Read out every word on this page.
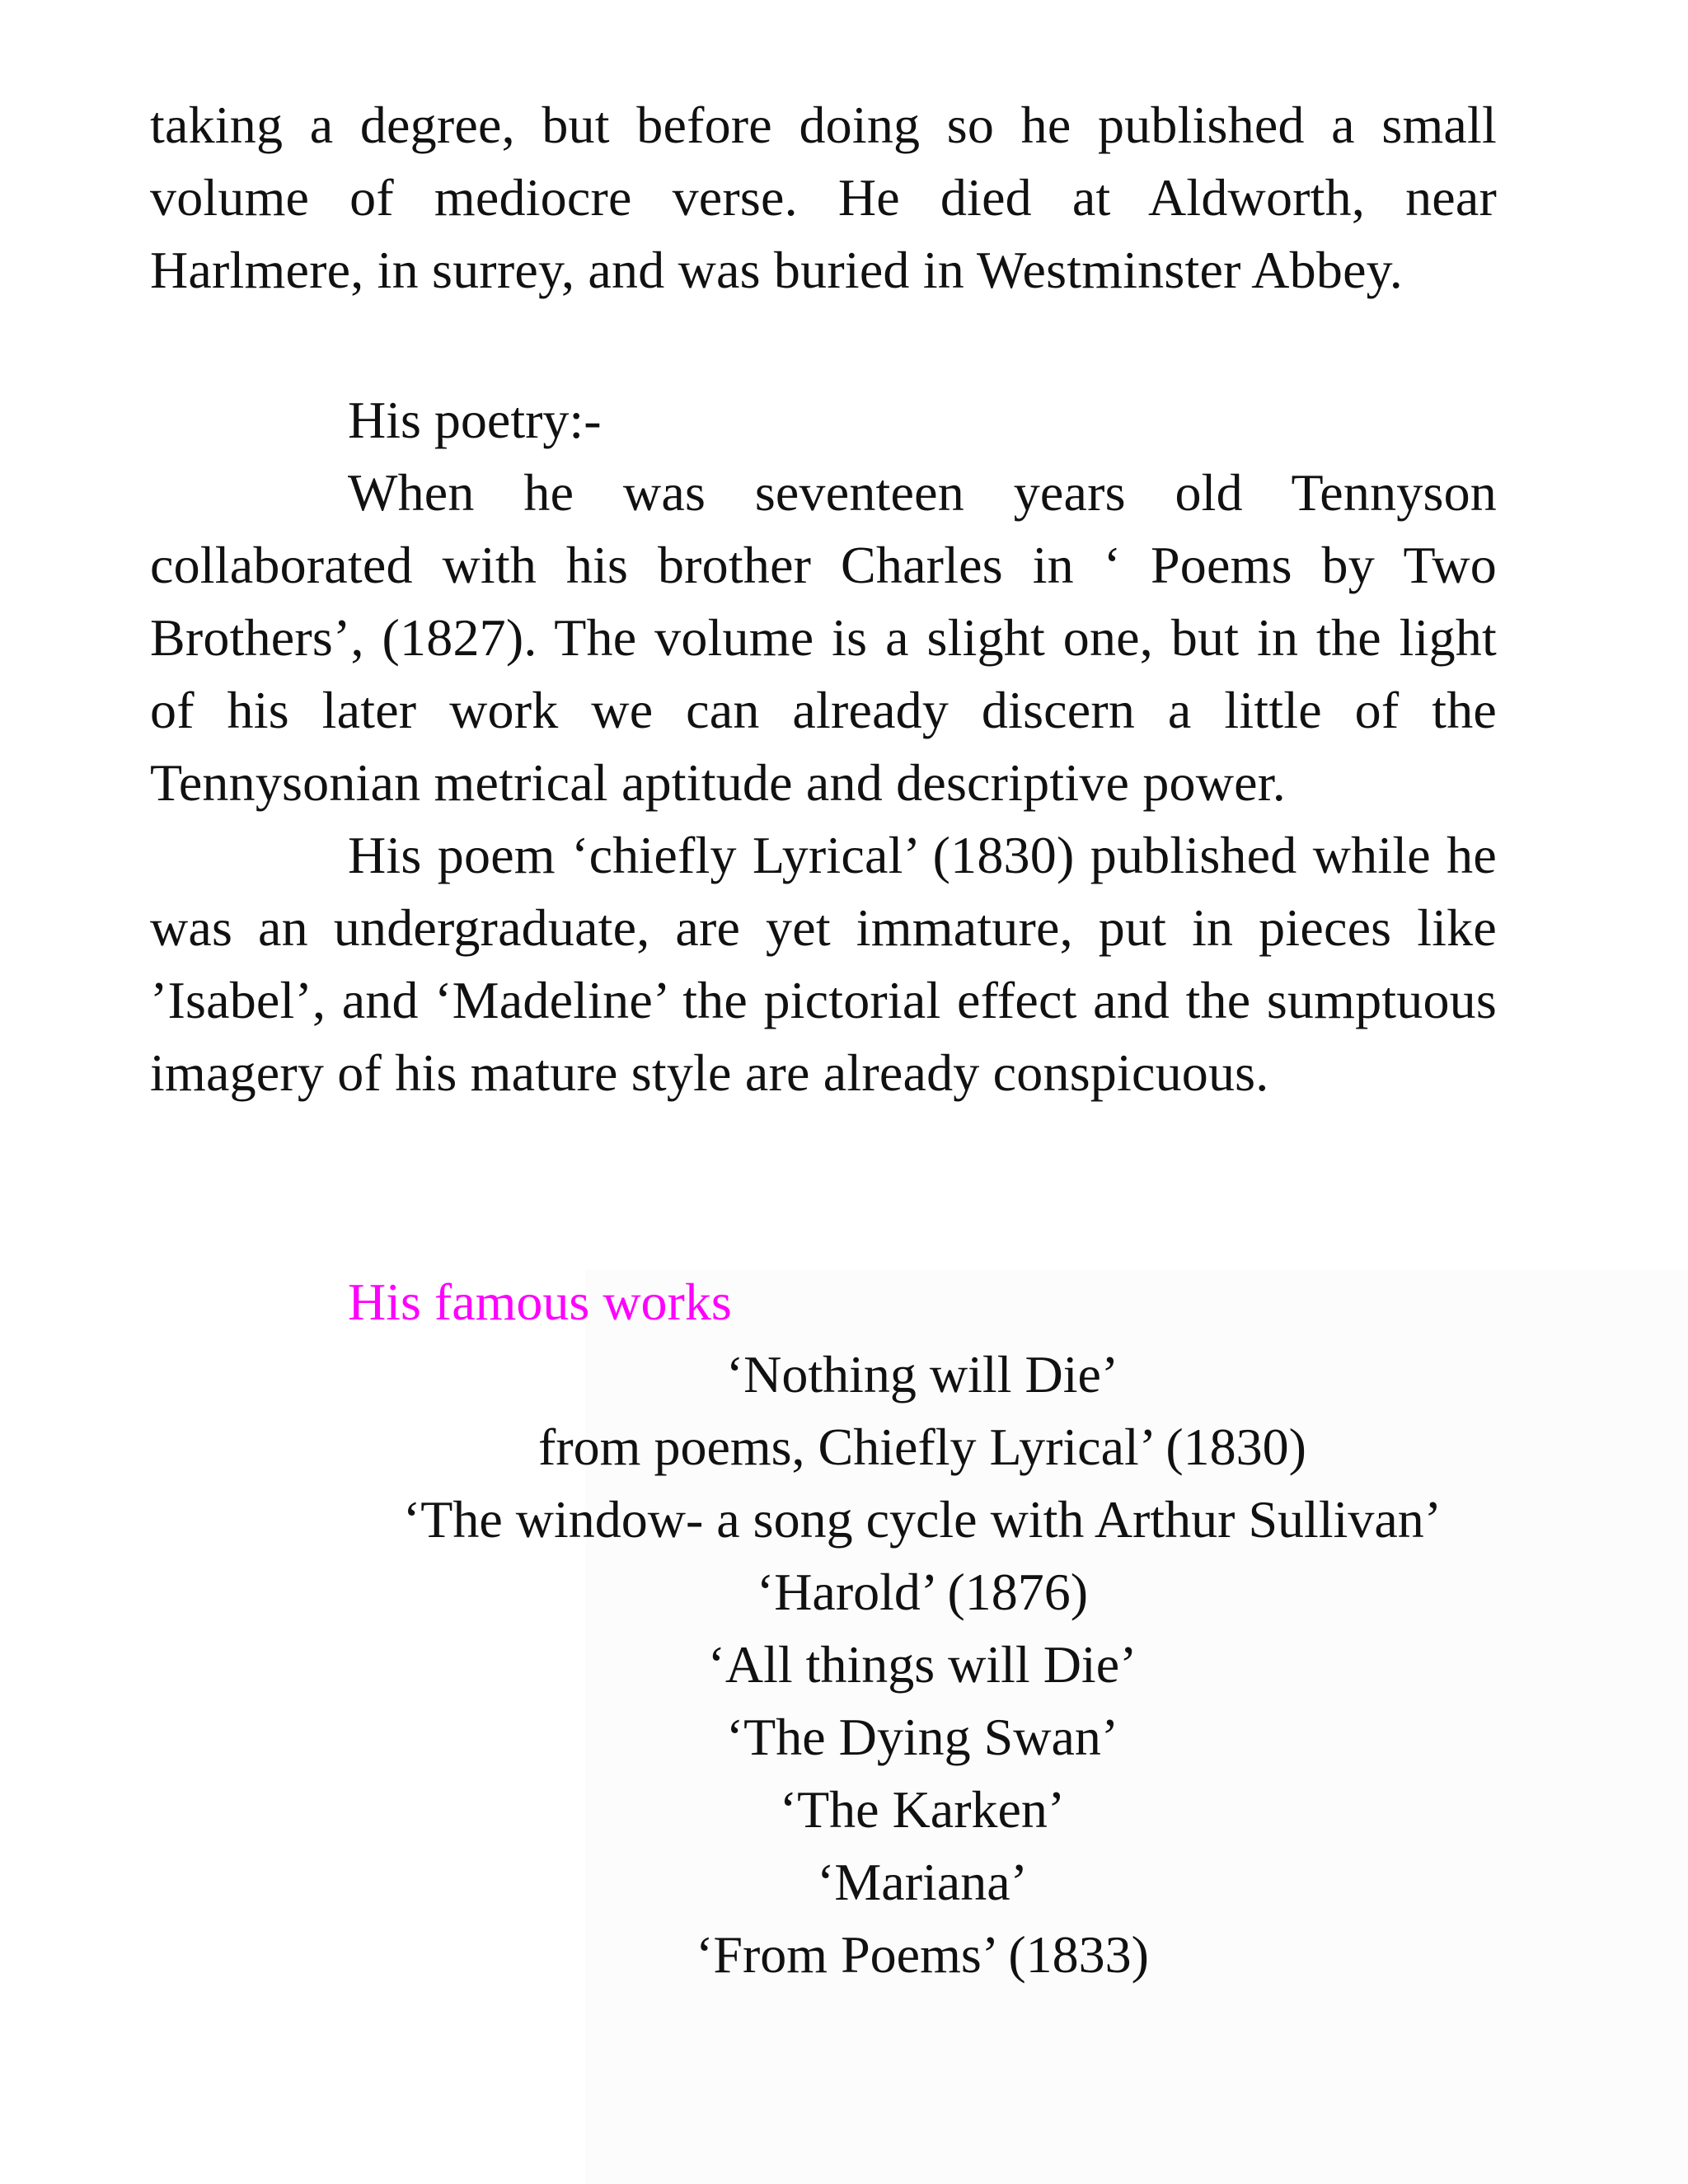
taking a degree, but before doing so he published a small volume of mediocre verse. He died at Aldworth, near Harlmere, in surrey, and was buried in Westminster Abbey.
His poetry:-
When he was seventeen years old Tennyson collaborated with his brother Charles in ‘ Poems by Two Brothers’, (1827). The volume is a slight one, but in the light of his later work we can already discern a little of the Tennysonian metrical aptitude and descriptive power.
His poem ‘chiefly Lyrical’ (1830) published while he was an undergraduate, are yet immature, put in pieces like ’Isabel’, and ‘Madeline’ the pictorial effect and the sumptuous imagery of his mature style are already conspicuous.
His famous works
‘Nothing will Die’
from poems, Chiefly Lyrical’ (1830)
‘The window- a song cycle with Arthur Sullivan’
‘Harold’ (1876)
‘All things will Die’
‘The Dying Swan’
‘The Karken’
‘Mariana’
‘From Poems’ (1833)
